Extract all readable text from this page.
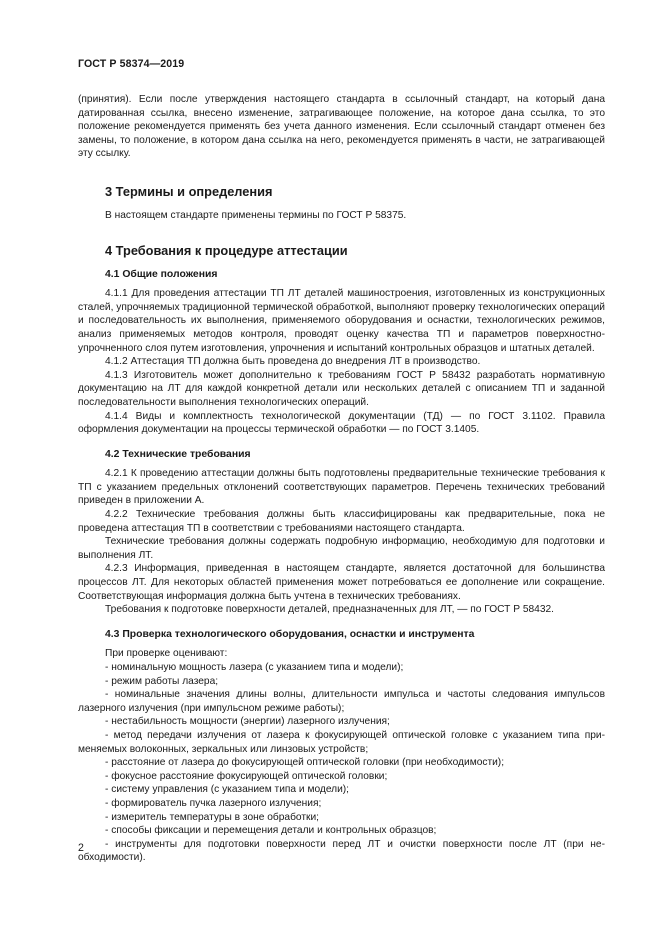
ГОСТ Р 58374—2019

(принятия). Если после утверждения настоящего стандарта в ссылочный стандарт, на который дана датированная ссылка, внесено изменение, затрагивающее положение, на которое дана ссылка, то это положение рекомендуется применять без учета данного изменения. Если ссылочный стандарт отменен без замены, то положение, в котором дана ссылка на него, рекомендуется применять в части, не затрагивающей эту ссылку.

3 Термины и определения

В настоящем стандарте применены термины по ГОСТ Р 58375.

4 Требования к процедуре аттестации
4.1 Общие положения

4.1.1 Для проведения аттестации ТП ЛТ деталей машиностроения, изготовленных из конструкционных сталей, упрочняемых традиционной термической обработкой, выполняют проверку технологических операций и последовательность их выполнения, применяемого оборудования и оснастки, технологических режимов, анализ применяемых методов контроля, проводят оценку качества ТП и параметров поверхностно-упрочненного слоя путем изготовления, упрочнения и испытаний контрольных образцов и штатных деталей.

4.1.2 Аттестация ТП должна быть проведена до внедрения ЛТ в производство.

4.1.3 Изготовитель может дополнительно к требованиям ГОСТ Р 58432 разработать нормативную документацию на ЛТ для каждой конкретной детали или нескольких деталей с описанием ТП и заданной последовательности выполнения технологических операций.

4.1.4 Виды и комплектность технологической документации (ТД) — по ГОСТ 3.1102. Правила оформления документации на процессы термической обработки — по ГОСТ 3.1405.

4.2 Технические требования

4.2.1 К проведению аттестации должны быть подготовлены предварительные технические требования к ТП с указанием предельных отклонений соответствующих параметров. Перечень технических требований приведен в приложении А.

4.2.2 Технические требования должны быть классифицированы как предварительные, пока не проведена аттестация ТП в соответствии с требованиями настоящего стандарта.

Технические требования должны содержать подробную информацию, необходимую для подготовки и выполнения ЛТ.

4.2.3 Информация, приведенная в настоящем стандарте, является достаточной для большинства процессов ЛТ. Для некоторых областей применения может потребоваться ее дополнение или сокращение. Соответствующая информация должна быть учтена в технических требованиях.

Требования к подготовке поверхности деталей, предназначенных для ЛТ, — по ГОСТ Р 58432.

4.3 Проверка технологического оборудования, оснастки и инструмента

При проверке оценивают:

- номинальную мощность лазера (с указанием типа и модели);

- режим работы лазера;

- номинальные значения длины волны, длительности импульса и частоты следования импульсов лазерного излучения (при импульсном режиме работы);

- нестабильность мощности (энергии) лазерного излучения;

- метод передачи излучения от лазера к фокусирующей оптической головке с указанием типа применяемых волоконных, зеркальных или линзовых устройств;

- расстояние от лазера до фокусирующей оптической головки (при необходимости);

- фокусное расстояние фокусирующей оптической головки;

- систему управления (с указанием типа и модели);

- формирователь пучка лазерного излучения;

- измеритель температуры в зоне обработки;

- способы фиксации и перемещения детали и контрольных образцов;

- инструменты для подготовки поверхности перед ЛТ и очистки поверхности после ЛТ (при необходимости).

2
